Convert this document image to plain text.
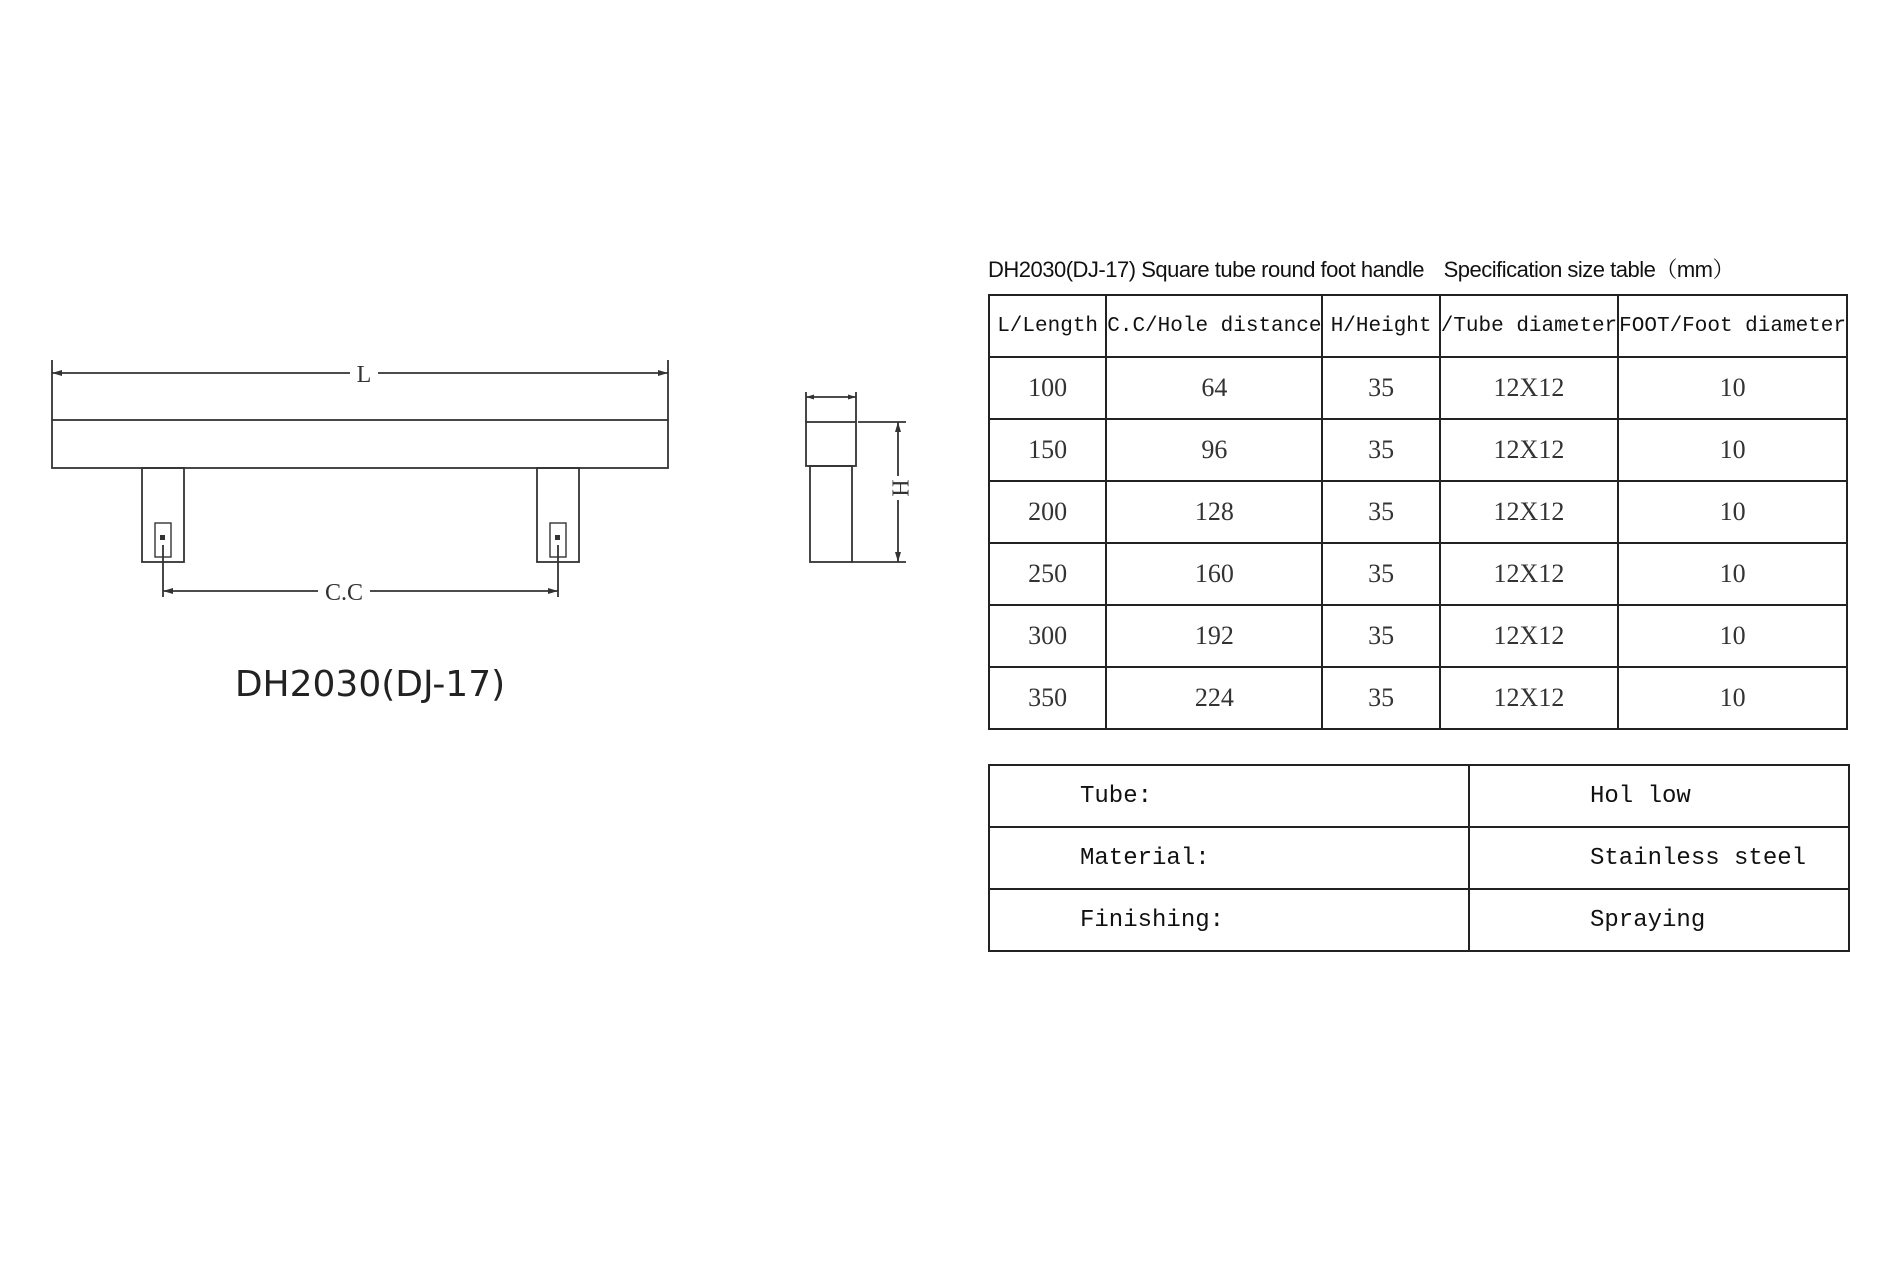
L
C.C
H
DH2030(DJ-17)
DH2030(DJ-17) Square tube round foot handle Specification size table（mm）
L/Length	C.C/Hole distance	H/Height	/Tube diameter	FOOT/Foot diameter
100	64	35	12X12	10
150	96	35	12X12	10
200	128	35	12X12	10
250	160	35	12X12	10
300	192	35	12X12	10
350	224	35	12X12	10
Tube:	Hol low
Material:	Stainless steel
Finishing:	Spraying
